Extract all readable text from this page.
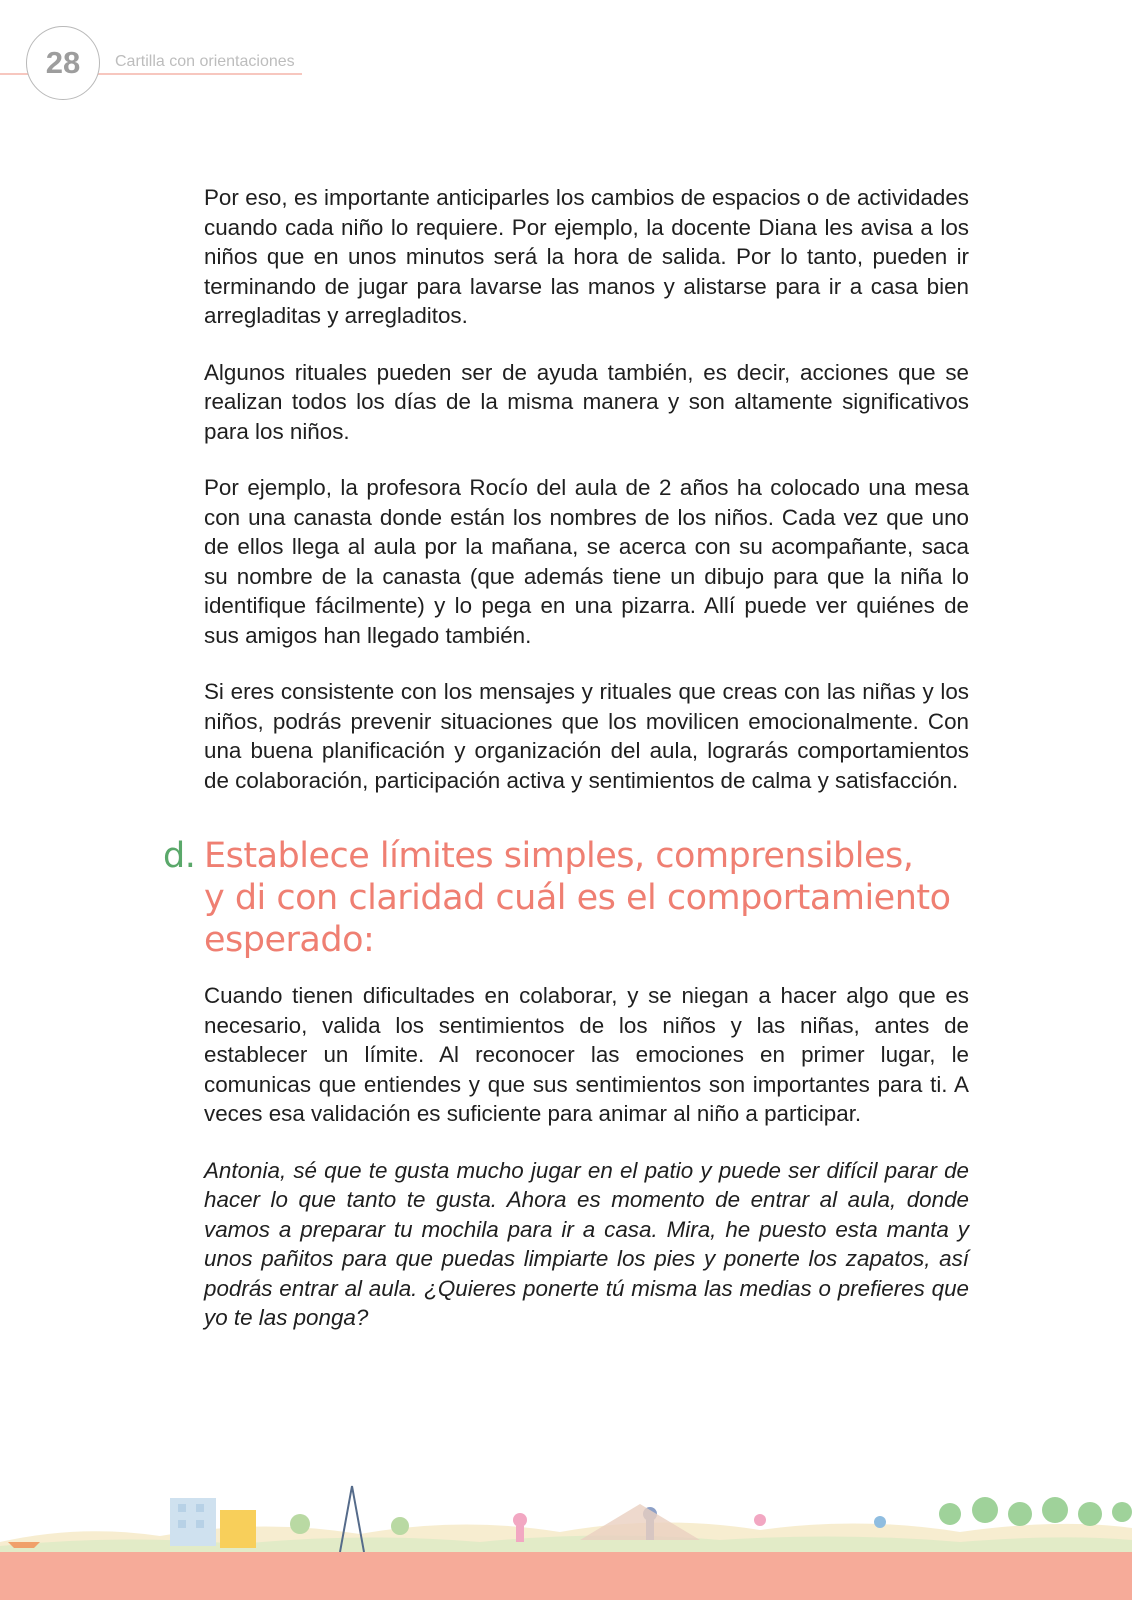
28 Cartilla con orientaciones

Por eso, es importante anticiparles los cambios de espacios o de actividades cuando cada niño lo requiere. Por ejemplo, la docente Diana les avisa a los niños que en unos minutos será la hora de salida. Por lo tanto, pueden ir terminando de jugar para lavarse las manos y alistarse para ir a casa bien arregladitas y arregladitos.

Algunos rituales pueden ser de ayuda también, es decir, acciones que se realizan todos los días de la misma manera y son altamente significativos para los niños.

Por ejemplo, la profesora Rocío del aula de 2 años ha colocado una mesa con una canasta donde están los nombres de los niños. Cada vez que uno de ellos llega al aula por la mañana, se acerca con su acompañante, saca su nombre de la canasta (que además tiene un dibujo para que la niña lo identifique fácilmente) y lo pega en una pizarra. Allí puede ver quiénes de sus amigos han llegado también.

Si eres consistente con los mensajes y rituales que creas con las niñas y los niños, podrás prevenir situaciones que los movilicen emocionalmente. Con una buena planificación y organización del aula, lograrás comportamientos de colaboración, participación activa y sentimientos de calma y satisfacción.

d. Establece límites simples, comprensibles,
y di con claridad cuál es el comportamiento
esperado:

Cuando tienen dificultades en colaborar, y se niegan a hacer algo que es necesario, valida los sentimientos de los niños y las niñas, antes de establecer un límite. Al reconocer las emociones en primer lugar, le comunicas que entiendes y que sus sentimientos son importantes para ti. A veces esa validación es suficiente para animar al niño a participar.

Antonia, sé que te gusta mucho jugar en el patio y puede ser difícil parar de hacer lo que tanto te gusta. Ahora es momento de entrar al aula, donde vamos a preparar tu mochila para ir a casa. Mira, he puesto esta manta y unos pañitos para que puedas limpiarte los pies y ponerte los zapatos, así podrás entrar al aula. ¿Quieres ponerte tú misma las medias o prefieres que yo te las ponga?
